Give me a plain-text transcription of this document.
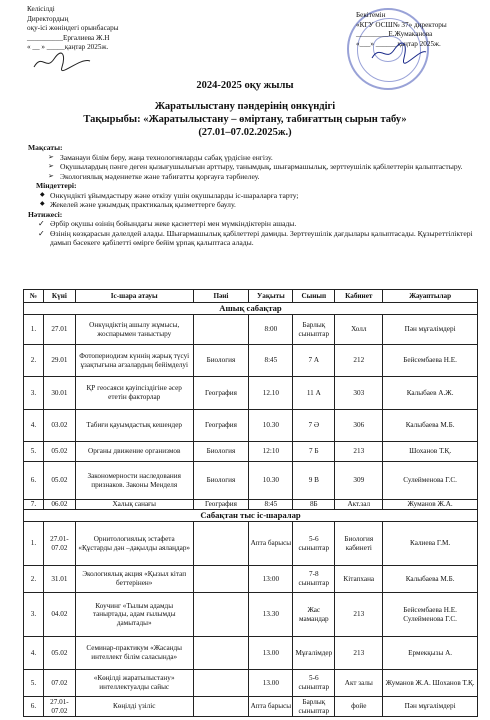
Келісілді
Директордың
оқу-ісі жөніндегі орынбасары
__________Ергалиева Ж.Н
« __ » _____қаңтар 2025ж.
Бекітемін
«КГУ ОСШ№ 37» директоры
_________Е.Жумаканова
«___» ______қаңтар 2025ж.
2024-2025 оқу жылы
Жаратылыстану пәндерінің онкүндігі
Тақырыбы: «Жаратылыстану – өміртану, табиғаттың сырын табу»
(27.01–07.02.2025ж.)
Мақсаты:
➢ Заманауи білім беру, жаңа технологияларды сабақ үрдісіне енгізу.
➢ Оқушылардың пәнге деген қызығушылығын арттыру, танымдық, шығармашылық, зерттеушілік қабілеттерін қалыптастыру.
➢ Экологиялық мәдениетке және табиғатты қорғауға тәрбиелеу.
Міндеттері:
◆ Онкүндікті ұйымдастыру және өткізу үшін оқушыларды іс-шараларға тарту;
◆ Жекелей және ұжымдық практикалық қызметтерге баулу.
Нәтижесі:
✓ Әрбір оқушы өзінің бойындағы жеке қасиеттері мен мүмкіндіктерін ашады.
✓ Өзінің көзқарасын дәлелдей алады. Шығармашылық қабілеттері дамиды. Зерттеушілік дағдылары қалыптасады. Құзыреттіліктері дамып бәсекеге қабілетті өмірге бейім ұрпақ қалыптаса алады.
№	Күні	Іс-шара атауы	Пәні	Уақыты	Сынып	Кабинет	Жауаптылар
Ашық сабақтар							
1.	27.01	Онкүндіктің ашылу жұмысы, жоспарымен таныстыру		8:00	Барлық сыныптар	Холл	Пән мұғалімдері
2.	29.01	Фотопериодизм күннің жарық түсуі ұзақтығына ағзалардың бейімделуі	Биология	8:45	7 А	212	Бейсембаева Н.Е.
3.	30.01	ҚР геосаяси қауіпсіздігіне әсер ететін факторлар	География	12.10	11 А	303	Калыбаев А.Ж.
4.	03.02	Табиғи қауымдастық кешендер	География	10.30	7 Ә	306	Калыбаева М.Б.
5.	05.02	Органы движение организмов	Биология	12:10	7 Б	213	Шоханов Т.Қ.
6.	05.02	Закономерности наследования признаков. Законы Менделя	Биология	10.30	9 В	309	Сулейменова Г.С.
7.	06.02	Халық санағы	География	8:45	8Б	Акт.зал	Жуманов Ж.А.
Сабақтан тыс іс-шаралар							
1.	27.01-07.02	Орнитологиялық эстафета «Құстарды дән –дақылды аялаңдар»		Апта барысы	5-6 сыныптар	Биология кабинеті	Калиева Г.М.
2.	31.01	Экологиялық акция «Қызыл кітап беттерінен»		13:00	7-8 сыныптар	Кітапхана	Калыбаева М.Б.
3.	04.02	Коучинг «Тылым адамды таныртады, адам ғылымды дамытады»		13.30	Жас мамандар	213	Бейсембаева Н.Е. Сулейменова Г.С.
4.	05.02	Семинар-практикум «Жасанды интеллект білім саласында»		13.00	Мұғалімдер	213	Ермекқызы А.
5.	07.02	«Көңілді жаратылыстану» интеллектуалды сайыс		13.00	5-6 сыныптар	Акт залы	Жуманов Ж.А. Шоханов Т.Қ.
6.	27.01-07.02	Көңілді үзіліс		Апта барысы	Барлық сыныптар	фойе	Пән мұғалімдері
